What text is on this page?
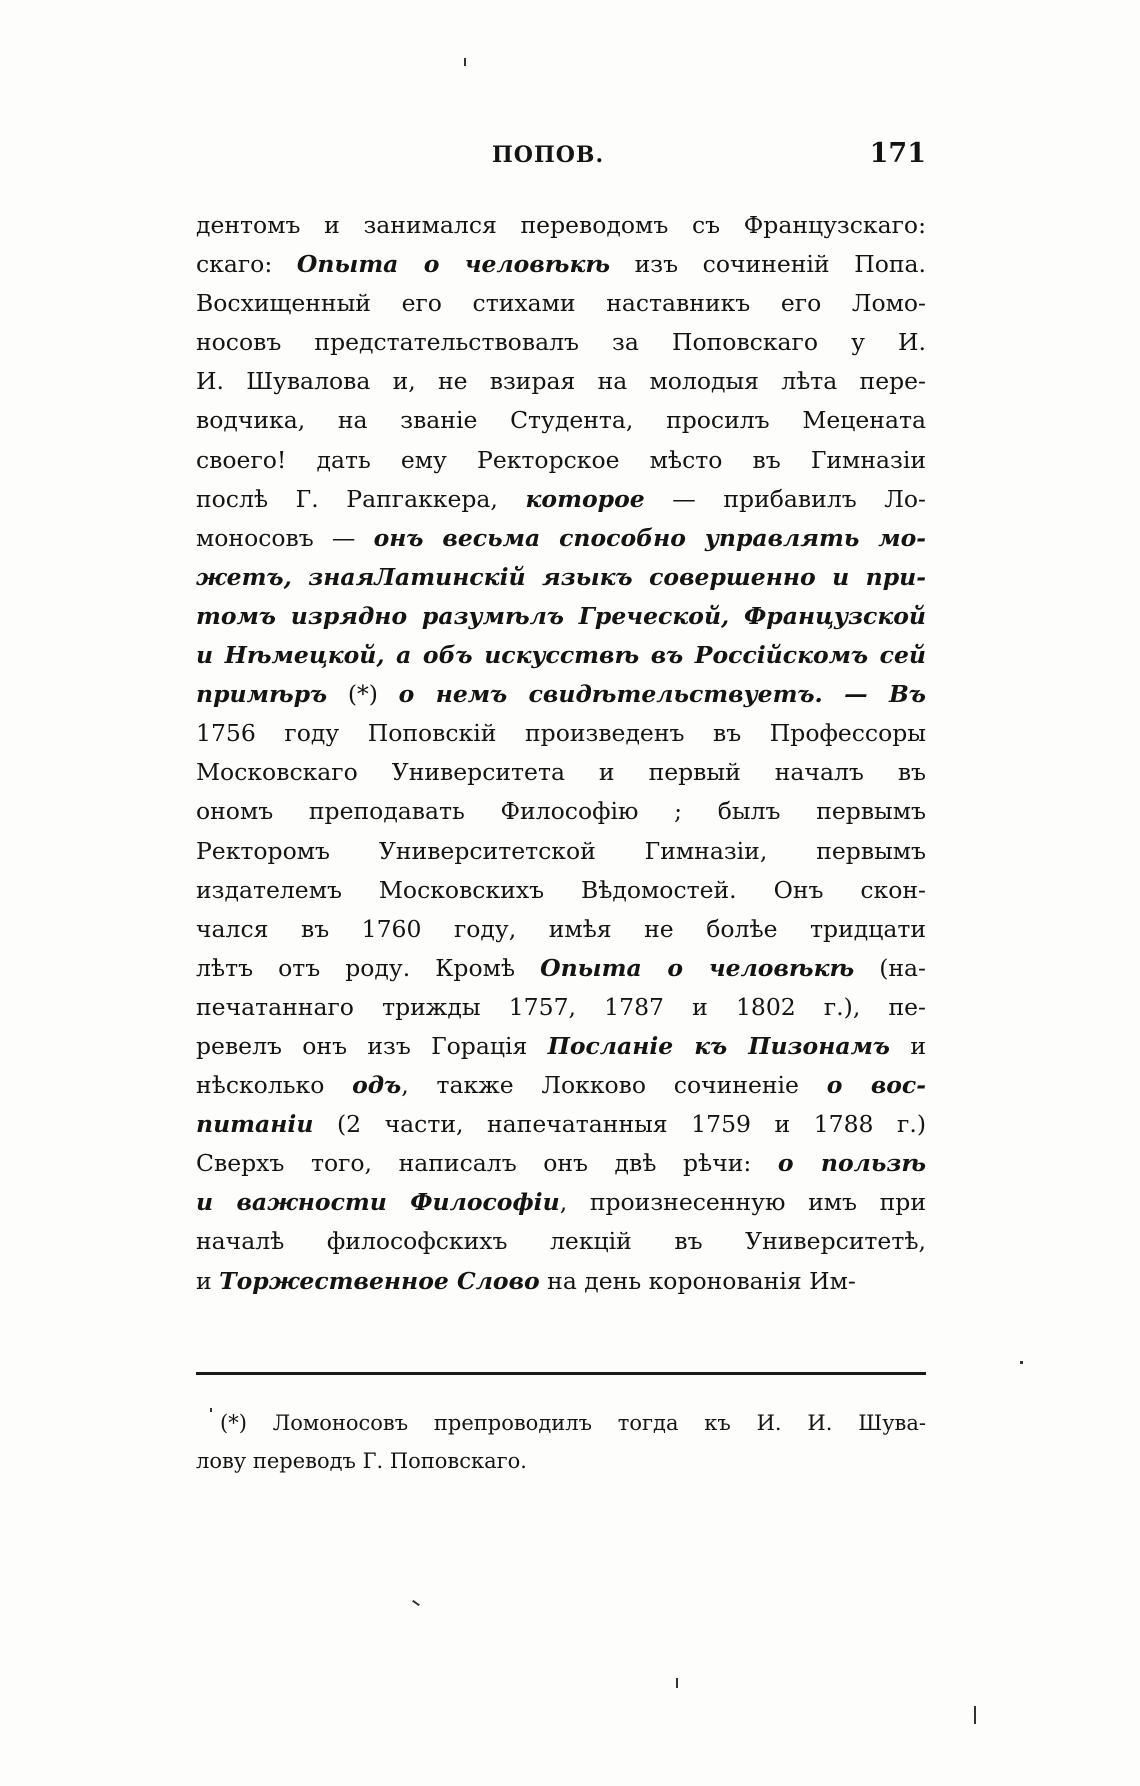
ПОПОВ.	171
дентомъ и занимался переводомъ съ Французскаго:
скаго: Опыта о человѣкѣ изъ сочиненій Попа.
Восхищенный его стихами наставникъ его Ломо-
носовъ предстательствовалъ за Поповскаго у И.
И. Шувалова и, не взирая на молодыя лѣта пере-
водчика, на званіе Студента, просилъ Мецената
своего! дать ему Ректорское мѣсто въ Гимназіи
послѣ Г. Рапгаккера, которое — прибавилъ Ло-
моносовъ — онъ весьма способно управлять мо-
жетъ, знаяЛатинскій языкъ совершенно и при-
томъ изрядно разумѣлъ Греческой, Французской
и Нѣмецкой, а объ искусствѣ въ Россійскомъ сей
примѣръ (*) о немъ свидѣтельствуетъ. — Въ
1756 году Поповскій произведенъ въ Профессоры
Московскаго Университета и первый началъ въ
ономъ преподавать Философію ; былъ первымъ
Ректоромъ Университетской Гимназіи, первымъ
издателемъ Московскихъ Вѣдомостей. Онъ скон-
чался въ 1760 году, имѣя не болѣе тридцати
лѣтъ отъ роду. Кромѣ Опыта о человѣкѣ (на-
печатаннаго трижды 1757, 1787 и 1802 г.), пе-
ревелъ онъ изъ Горація Посланіе къ Пизонамъ и
нѣсколько одъ, также Локково сочиненіе о вос-
питаніи (2 части, напечатанныя 1759 и 1788 г.)
Сверхъ того, написалъ онъ двѣ рѣчи: о пользѣ
и важности Философіи, произнесенную имъ при
началѣ философскихъ лекцій въ Университетѣ,
и Торжественное Слово на день коронованія Им-
(*) Ломоносовъ препроводилъ тогда къ И. И. Шува-
лову переводъ Г. Поповскаго.
